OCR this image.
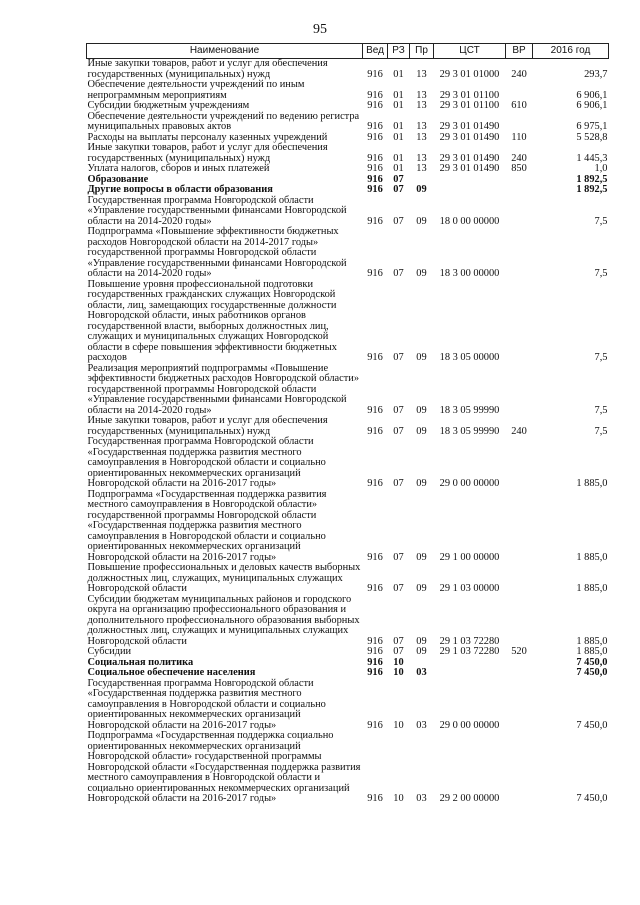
95
Наименование	Вед	РЗ	Пр	ЦСТ	ВР	2016 год
Иные закупки товаров, работ и услуг для обеспечения государственных (муниципальных) нужд	916	01	13	29 3 01 01000	240	293,7
Обеспечение деятельности учреждений по иным непрограммным мероприятиям	916	01	13	29 3 01 01100		6 906,1
Субсидии бюджетным учреждениям	916	01	13	29 3 01 01100	610	6 906,1
Обеспечение деятельности учреждений по ведению регистра муниципальных правовых актов	916	01	13	29 3 01 01490		6 975,1
Расходы на выплаты персоналу казенных учреждений	916	01	13	29 3 01 01490	110	5 528,8
Иные закупки товаров, работ и услуг для обеспечения государственных (муниципальных) нужд	916	01	13	29 3 01 01490	240	1 445,3
Уплата налогов, сборов и иных платежей	916	01	13	29 3 01 01490	850	1,0
Образование	916	07				1 892,5
Другие вопросы в области образования	916	07	09			1 892,5
Государственная программа Новгородской области «Управление государственными финансами Новгородской области на 2014-2020 годы»	916	07	09	18 0 00 00000		7,5
Подпрограмма «Повышение эффективности бюджетных расходов Новгородской области на 2014-2017 годы» государственной программы Новгородской области «Управление государственными финансами Новгородской области на 2014-2020 годы»	916	07	09	18 3 00 00000		7,5
Повышение уровня профессиональной подготовки государственных гражданских служащих Новгородской области, лиц, замещающих государственные должности Новгородской области, иных работников органов государственной власти, выборных должностных лиц, служащих и муниципальных служащих Новгородской области в сфере повышения эффективности бюджетных расходов	916	07	09	18 3 05 00000		7,5
Реализация мероприятий подпрограммы «Повышение эффективности бюджетных расходов Новгородской области» государственной программы Новгородской области «Управление государственными финансами Новгородской области на 2014-2020 годы»	916	07	09	18 3 05 99990		7,5
Иные закупки товаров, работ и услуг для обеспечения государственных (муниципальных) нужд	916	07	09	18 3 05 99990	240	7,5
Государственная программа Новгородской области «Государственная поддержка развития местного самоуправления в Новгородской области и социально ориентированных некоммерческих организаций Новгородской области на 2016-2017 годы»	916	07	09	29 0 00 00000		1 885,0
Подпрограмма «Государственная поддержка развития местного самоуправления в Новгородской области» государственной программы Новгородской области «Государственная поддержка развития местного самоуправления в Новгородской области и социально ориентированных некоммерческих организаций Новгородской области на 2016-2017 годы»	916	07	09	29 1 00 00000		1 885,0
Повышение профессиональных и деловых качеств выборных должностных лиц, служащих, муниципальных служащих Новгородской области	916	07	09	29 1 03 00000		1 885,0
Субсидии бюджетам муниципальных районов и городского округа на организацию профессионального образования и дополнительного профессионального образования выборных должностных лиц, служащих и муниципальных служащих Новгородской области	916	07	09	29 1 03 72280		1 885,0
Субсидии	916	07	09	29 1 03 72280	520	1 885,0
Социальная политика	916	10				7 450,0
Социальное обеспечение населения	916	10	03			7 450,0
Государственная программа Новгородской области «Государственная поддержка развития местного самоуправления в Новгородской области и социально ориентированных некоммерческих организаций Новгородской области на 2016-2017 годы»	916	10	03	29 0 00 00000		7 450,0
Подпрограмма «Государственная поддержка социально ориентированных некоммерческих организаций Новгородской области» государственной программы Новгородской области «Государственная поддержка развития местного самоуправления в Новгородской области и социально ориентированных некоммерческих организаций Новгородской области на 2016-2017 годы»	916	10	03	29 2 00 00000		7 450,0
